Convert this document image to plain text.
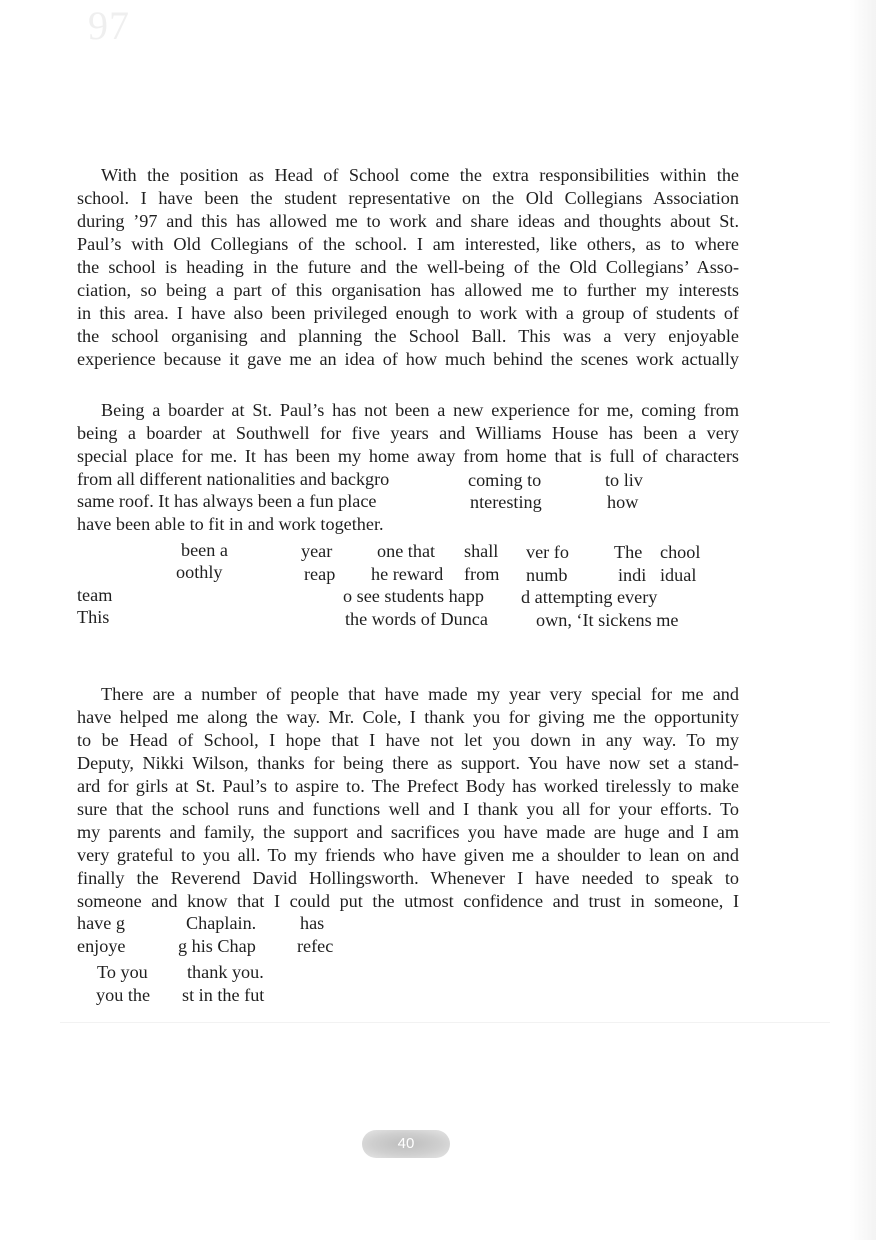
97
With the position as Head of School come the extra responsibilities within the
school. I have been the student representative on the Old Collegians Association
during ’97 and this has allowed me to work and share ideas and thoughts about St.
Paul’s with Old Collegians of the school. I am interested, like others, as to where
the school is heading in the future and the well-being of the Old Collegians’ Asso-
ciation, so being a part of this organisation has allowed me to further my interests
in this area. I have also been privileged enough to work with a group of students of
the school organising and planning the School Ball. This was a very enjoyable
experience because it gave me an idea of how much behind the scenes work actually
Being a boarder at St. Paul’s has not been a new experience for me, coming from
being a boarder at Southwell for five years and Williams House has been a very
special place for me. It has been my home away from home that is full of characters
from all different nationalities and backgro	coming to	to liv
same roof. It has always been a fun place	nteresting	how
have been able to fit in and work together.
been a	year one that shall ver fo The chool
oothly	reap he reward from numb	indi idual
team	o see students happ d attempting every
This	the words of Dunca	own, ‘It sickens me
There are a number of people that have made my year very special for me and
have helped me along the way. Mr. Cole, I thank you for giving me the opportunity
to be Head of School, I hope that I have not let you down in any way. To my
Deputy, Nikki Wilson, thanks for being there as support. You have now set a stand-
ard for girls at St. Paul’s to aspire to. The Prefect Body has worked tirelessly to make
sure that the school runs and functions well and I thank you all for your efforts. To
my parents and family, the support and sacrifices you have made are huge and I am
very grateful to you all. To my friends who have given me a shoulder to lean on and
finally the Reverend David Hollingsworth. Whenever I have needed to speak to
someone and know that I could put the utmost confidence and trust in someone, I
have g	Chaplain. has
enjoye	g his Chap refec
To you thank you.
you the st in the fut
40
